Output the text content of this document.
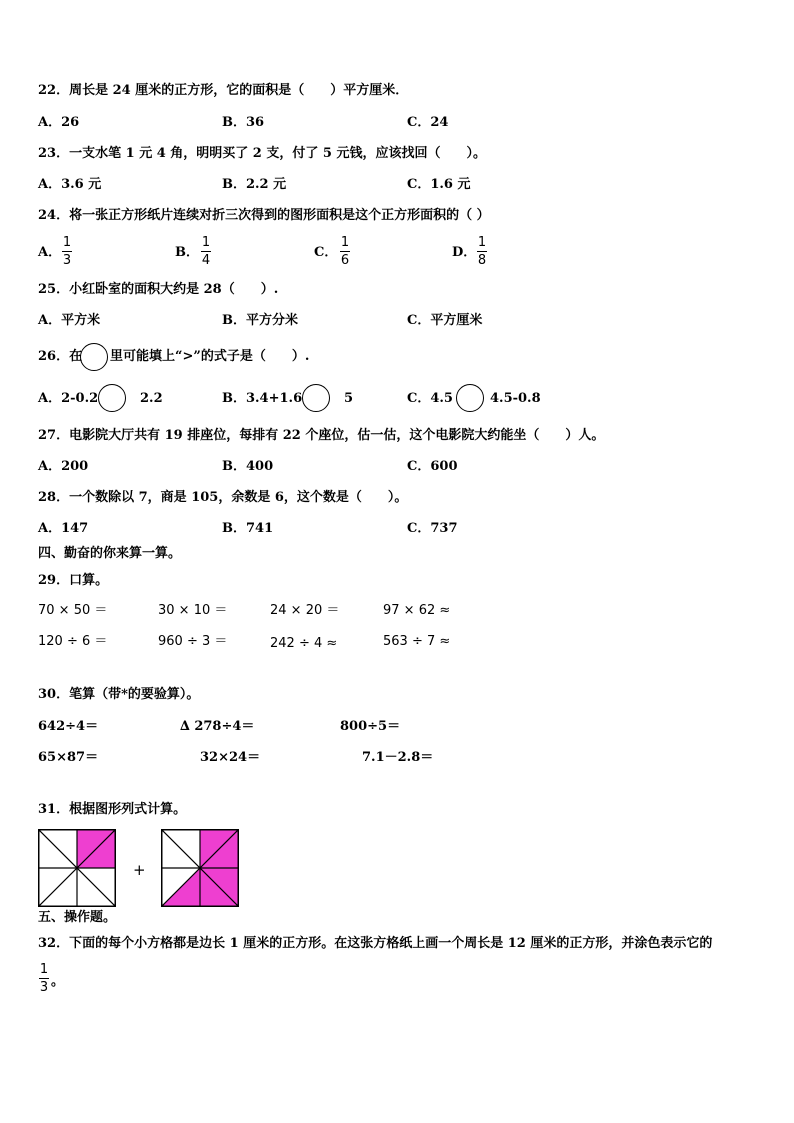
22．周长是 24 厘米的正方形，它的面积是（　　）平方厘米．
A．26	B．36	C．24
23．一支水笔 1 元 4 角，明明买了 2 支，付了 5 元钱，应该找回（　　）。
A．3.6 元	B．2.2 元	C．1.6 元
24．将一张正方形纸片连续对折三次得到的图形面积是这个正方形面积的（ ）
A．
1
3
B．
1
4
C．
1
6
D．
1
8
25．小红卧室的面积大约是 28（　　）.
A．平方米	B．平方分米	C．平方厘米
26．在 里可能填上“>”的式子是（　　）.
A．2-0.2	2.2	B．3.4+1.6	5	C．4.5	4.5-0.8
27．电影院大厅共有 19 排座位，每排有 22 个座位，估一估，这个电影院大约能坐（　　）人。
A．200	B．400	C．600
28．一个数除以 7，商是 105，余数是 6，这个数是（　　）。
A．147	B．741	C．737
四、勤奋的你来算一算。
29．口算。
70 × 50 ＝	30 × 10 ＝	24 × 20 ＝	97 × 62 ≈
120 ÷ 6 ＝	960 ÷ 3 ＝	242 ÷ 4 ≈	563 ÷ 7 ≈
30．笔算（带*的要验算）。
642÷4＝	∆ 278÷4＝	800÷5＝
65×87＝	32×24＝	7.1－2.8＝
31．根据图形列式计算。
+
五、操作题。
32．下面的每个小方格都是边长 1 厘米的正方形。在这张方格纸上画一个周长是 12 厘米的正方形，并涂色表示它的
1
3 。
